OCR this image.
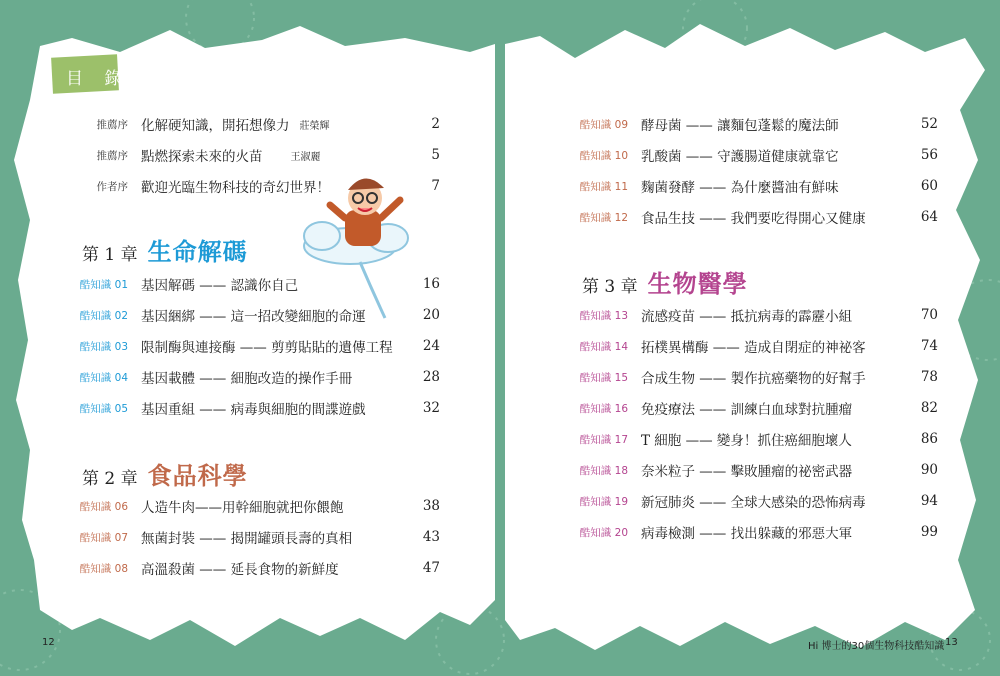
目 錄
推薦序 化解硬知識，開拓想像力 莊榮輝	2
推薦序 點燃探索未來的火苗	王淑麗	5
作者序 歡迎光臨生物科技的奇幻世界！	7
第 1 章 生命解碼
酷知識 01 基因解碼 —— 認識你自己	16
酷知識 02 基因綑綁 —— 這一招改變細胞的命運	20
酷知識 03 限制酶與連接酶 —— 剪剪貼貼的遺傳工程	24
酷知識 04 基因載體 —— 細胞改造的操作手冊	28
酷知識 05 基因重組 —— 病毒與細胞的間諜遊戲	32
第 2 章 食品科學
酷知識 06 人造牛肉——用幹細胞就把你餵飽	38
酷知識 07 無菌封裝 —— 揭開罐頭長壽的真相	43
酷知識 08 高溫殺菌 —— 延長食物的新鮮度	47
酷知識 09 酵母菌 —— 讓麵包蓬鬆的魔法師	52
酷知識 10 乳酸菌 —— 守護腸道健康就靠它	56
酷知識 11 麴菌發酵 —— 為什麼醬油有鮮味	60
酷知識 12 食品生技 —— 我們要吃得開心又健康	64
第 3 章 生物醫學
酷知識 13 流感疫苗 —— 抵抗病毒的霹靂小組	70
酷知識 14 拓樸異構酶 —— 造成自閉症的神祕客	74
酷知識 15 合成生物 —— 製作抗癌藥物的好幫手	78
酷知識 16 免疫療法 —— 訓練白血球對抗腫瘤	82
酷知識 17 T 細胞 —— 變身！抓住癌細胞壞人	86
酷知識 18 奈米粒子 —— 擊敗腫瘤的祕密武器	90
酷知識 19 新冠肺炎 —— 全球大感染的恐怖病毒	94
酷知識 20 病毒檢測 —— 找出躲藏的邪惡大軍	99
12	Hi 博士的30個生物科技酷知識 13
